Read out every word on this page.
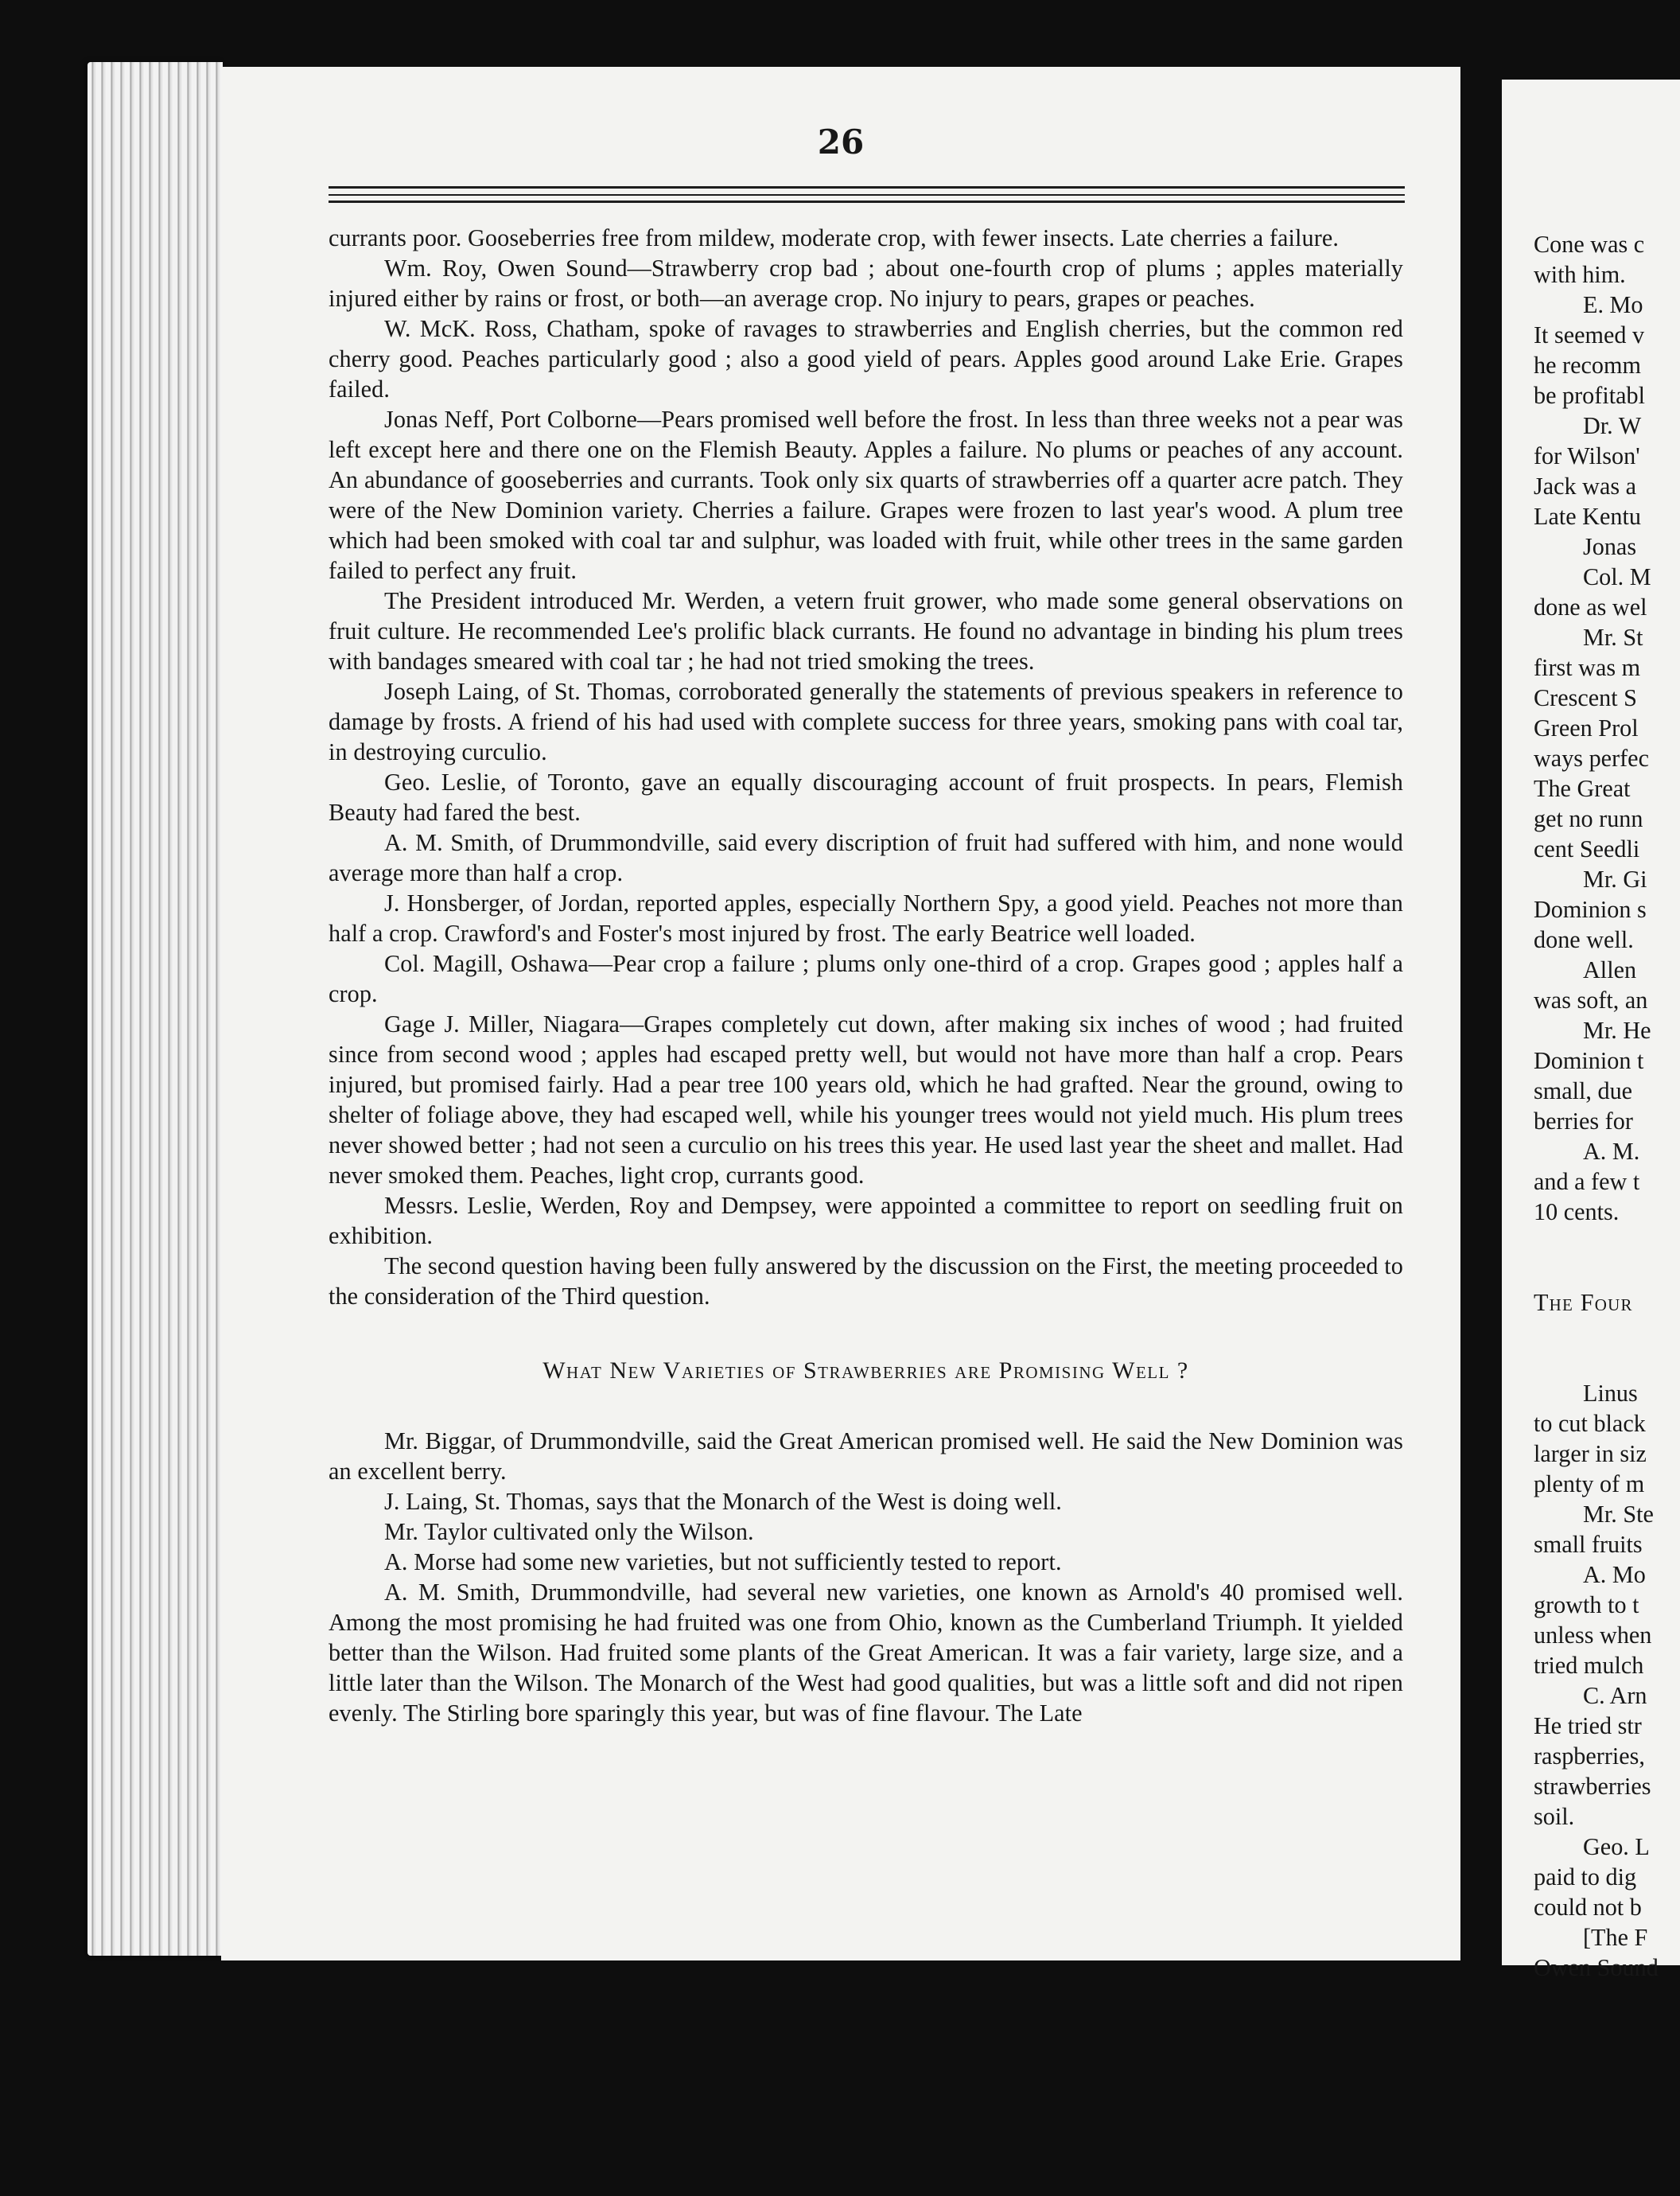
26

currants poor. Gooseberries free from mildew, moderate crop, with fewer insects. Late cherries a failure.

Wm. Roy, Owen Sound—Strawberry crop bad ; about one-fourth crop of plums ; apples materially injured either by rains or frost, or both—an average crop. No injury to pears, grapes or peaches.

W. McK. Ross, Chatham, spoke of ravages to strawberries and English cherries, but the common red cherry good. Peaches particularly good ; also a good yield of pears. Apples good around Lake Erie. Grapes failed.

Jonas Neff, Port Colborne—Pears promised well before the frost. In less than three weeks not a pear was left except here and there one on the Flemish Beauty. Apples a failure. No plums or peaches of any account. An abundance of gooseberries and currants. Took only six quarts of strawberries off a quarter acre patch. They were of the New Dominion variety. Cherries a failure. Grapes were frozen to last year's wood. A plum tree which had been smoked with coal tar and sulphur, was loaded with fruit, while other trees in the same garden failed to perfect any fruit.

The President introduced Mr. Werden, a vetern fruit grower, who made some general observations on fruit culture. He recommended Lee's prolific black currants. He found no advantage in binding his plum trees with bandages smeared with coal tar ; he had not tried smoking the trees.

Joseph Laing, of St. Thomas, corroborated generally the statements of previous speakers in reference to damage by frosts. A friend of his had used with complete success for three years, smoking pans with coal tar, in destroying curculio.

Geo. Leslie, of Toronto, gave an equally discouraging account of fruit prospects. In pears, Flemish Beauty had fared the best.

A. M. Smith, of Drummondville, said every discription of fruit had suffered with him, and none would average more than half a crop.

J. Honsberger, of Jordan, reported apples, especially Northern Spy, a good yield. Peaches not more than half a crop. Crawford's and Foster's most injured by frost. The early Beatrice well loaded.

Col. Magill, Oshawa—Pear crop a failure ; plums only one-third of a crop. Grapes good ; apples half a crop.

Gage J. Miller, Niagara—Grapes completely cut down, after making six inches of wood ; had fruited since from second wood ; apples had escaped pretty well, but would not have more than half a crop. Pears injured, but promised fairly. Had a pear tree 100 years old, which he had grafted. Near the ground, owing to shelter of foliage above, they had escaped well, while his younger trees would not yield much. His plum trees never showed better ; had not seen a curculio on his trees this year. He used last year the sheet and mallet. Had never smoked them. Peaches, light crop, currants good.

Messrs. Leslie, Werden, Roy and Dempsey, were appointed a committee to report on seedling fruit on exhibition.

The second question having been fully answered by the discussion on the First, the meeting proceeded to the consideration of the Third question.

What New Varieties of Strawberries are Promising Well ?

Mr. Biggar, of Drummondville, said the Great American promised well. He said the New Dominion was an excellent berry.

J. Laing, St. Thomas, says that the Monarch of the West is doing well.

Mr. Taylor cultivated only the Wilson.

A. Morse had some new varieties, but not sufficiently tested to report.

A. M. Smith, Drummondville, had several new varieties, one known as Arnold's 40 promised well. Among the most promising he had fruited was one from Ohio, known as the Cumberland Triumph. It yielded better than the Wilson. Had fruited some plants of the Great American. It was a fair variety, large size, and a little later than the Wilson. The Monarch of the West had good qualities, but was a little soft and did not ripen evenly. The Stirling bore sparingly this year, but was of fine flavour. The Late

Cone was c
with him.
E. Mo
It seemed v
he recomm
be profitabl
Dr. W
for Wilson'
Jack was a
Late Kentu
Jonas
Col. M
done as wel
Mr. St
first was m
Crescent S
Green Prol
ways perfec
The Great
get no runn
cent Seedli
Mr. Gi
Dominion s
done well.
Allen
was soft, an
Mr. He
Dominion t
small, due
berries for
A. M.
and a few t
10 cents.
The Four
Linus
to cut black
larger in siz
plenty of m
Mr. Ste
small fruits
A. Mo
growth to t
unless when
tried mulch
C. Arn
He tried str
raspberries,
strawberries
soil.
Geo. L
paid to dig
could not b
[The F
Owen Sound
